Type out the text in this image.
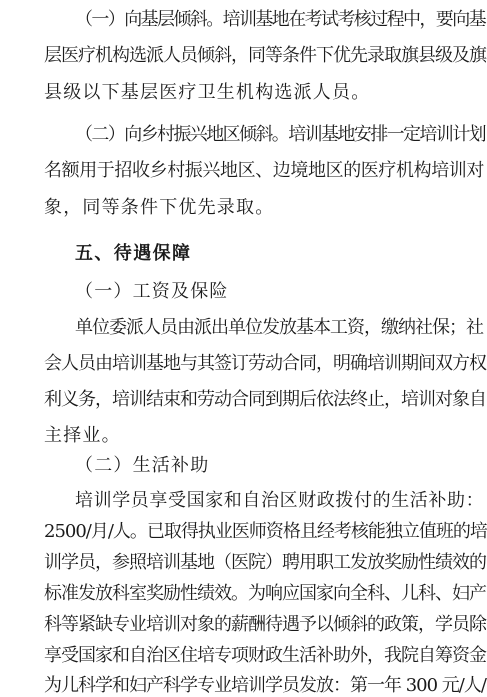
（一）向基层倾斜。培训基地在考试考核过程中，要向基
层医疗机构选派人员倾斜，同等条件下优先录取旗县级及旗
县级以下基层医疗卫生机构选派人员。
（二）向乡村振兴地区倾斜。培训基地安排一定培训计划
名额用于招收乡村振兴地区、边境地区的医疗机构培训对
象，同等条件下优先录取。
五、待遇保障
（一）工资及保险
单位委派人员由派出单位发放基本工资，缴纳社保；社
会人员由培训基地与其签订劳动合同，明确培训期间双方权
利义务，培训结束和劳动合同到期后依法终止，培训对象自
主择业。
（二）生活补助
培训学员享受国家和自治区财政拨付的生活补助：
2500/月/人。已取得执业医师资格且经考核能独立值班的培
训学员，参照培训基地（医院）聘用职工发放奖励性绩效的
标准发放科室奖励性绩效。为响应国家向全科、儿科、妇产
科等紧缺专业培训对象的薪酬待遇予以倾斜的政策，学员除
享受国家和自治区住培专项财政生活补助外，我院自筹资金
为儿科学和妇产科学专业培训学员发放：第一年 300 元/人/
